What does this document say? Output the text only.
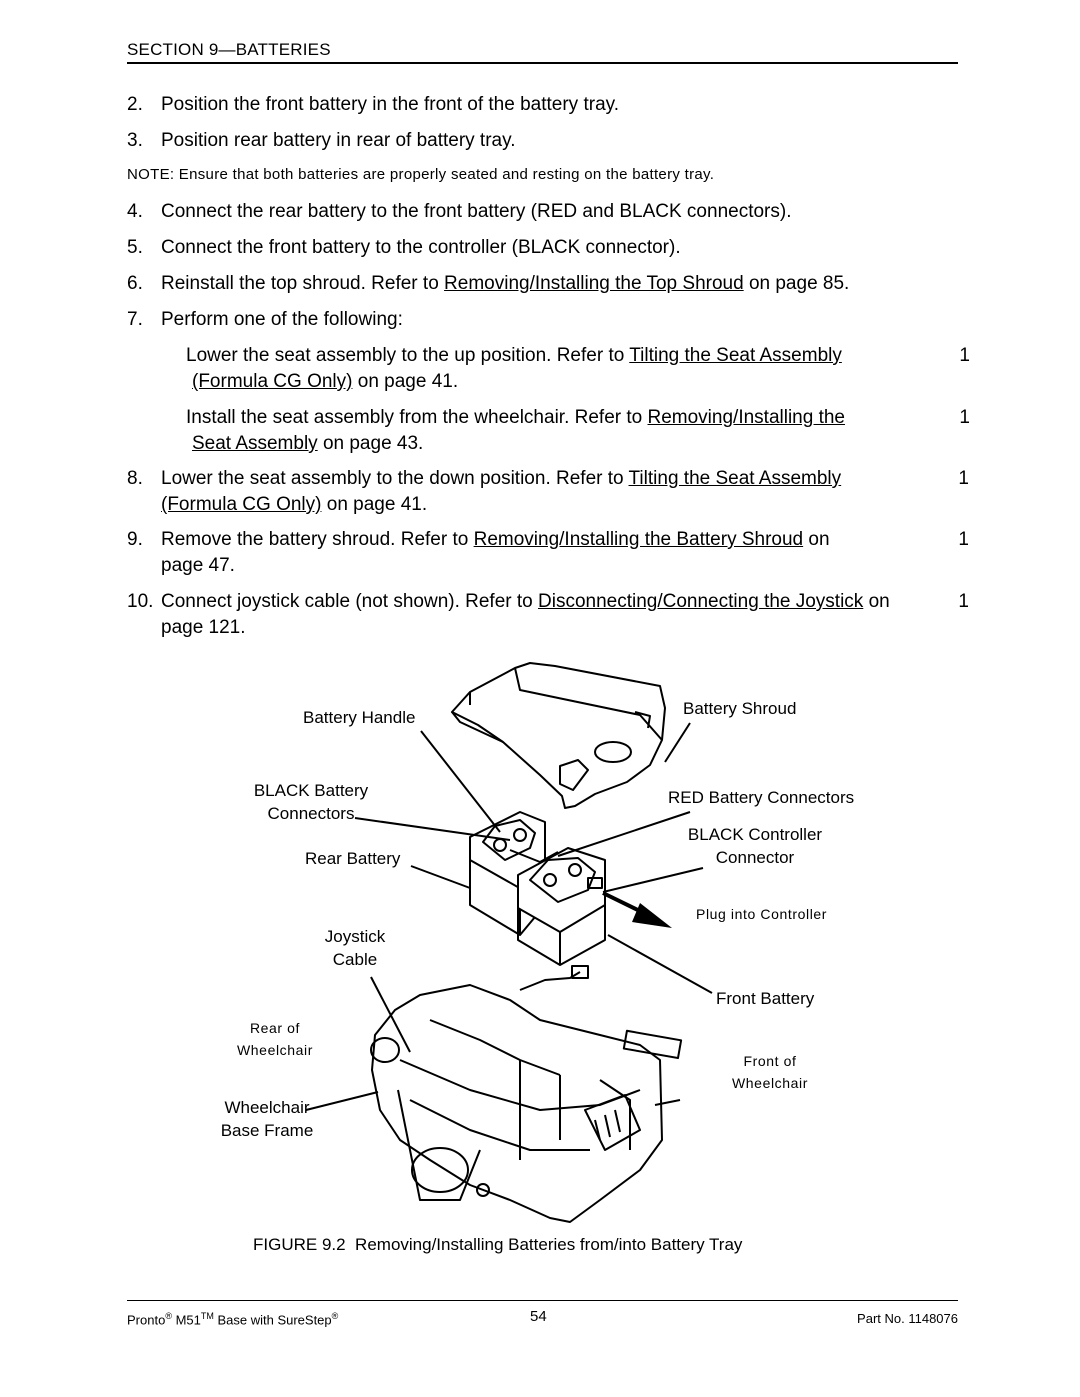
SECTION 9—BATTERIES
2. Position the front battery in the front of the battery tray.
3. Position rear battery in rear of battery tray.
NOTE: Ensure that both batteries are properly seated and resting on the battery tray.
4. Connect the rear battery to the front battery (RED and BLACK connectors).
5. Connect the front battery to the controller (BLACK connector).
6. Reinstall the top shroud. Refer to Removing/Installing the Top Shroud on page 85.
7. Perform one of the following:
Lower the seat assembly to the up position. Refer to Tilting the Seat Assembly	1
(Formula CG Only) on page 41.
Install the seat assembly from the wheelchair. Refer to Removing/Installing the	1
Seat Assembly on page 43.
8. Lower the seat assembly to the down position. Refer to Tilting the Seat Assembly	1
(Formula CG Only) on page 41.
9. Remove the battery shroud. Refer to Removing/Installing the Battery Shroud on	1
page 47.
10. Connect joystick cable (not shown). Refer to Disconnecting/Connecting the Joystick on	1
page 121.
Battery Handle	Battery Shroud
BLACK Battery
Connectors
RED Battery Connectors
BLACK Controller
Connector
Rear Battery
Plug into Controller
Joystick
Cable
Front Battery
Rear of
Wheelchair
Front of
Wheelchair
Wheelchair
Base Frame
FIGURE 9.2 Removing/Installing Batteries from/into Battery Tray
Pronto® M51™ Base with SureStep®	54	Part No. 1148076
